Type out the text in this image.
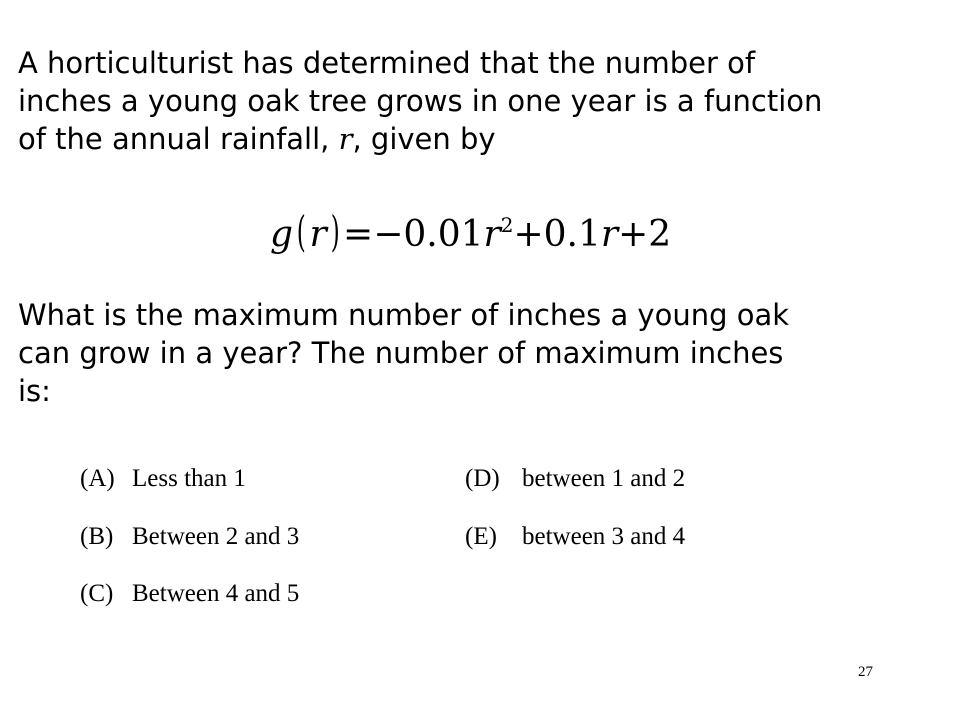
A horticulturist has determined that the number of
inches a young oak tree grows in one year is a function
of the annual rainfall, r, given by
g( $r) =-0.01r^2+0.1r+2$
What is the maximum number of inches a young oak
can grow in a year? The number of maximum inches
is:
(A) Less than 1
(B) Between 2 and 3
(C) Between 4 and 5
(D) between 1 and 2
(E) between 3 and 4
27
